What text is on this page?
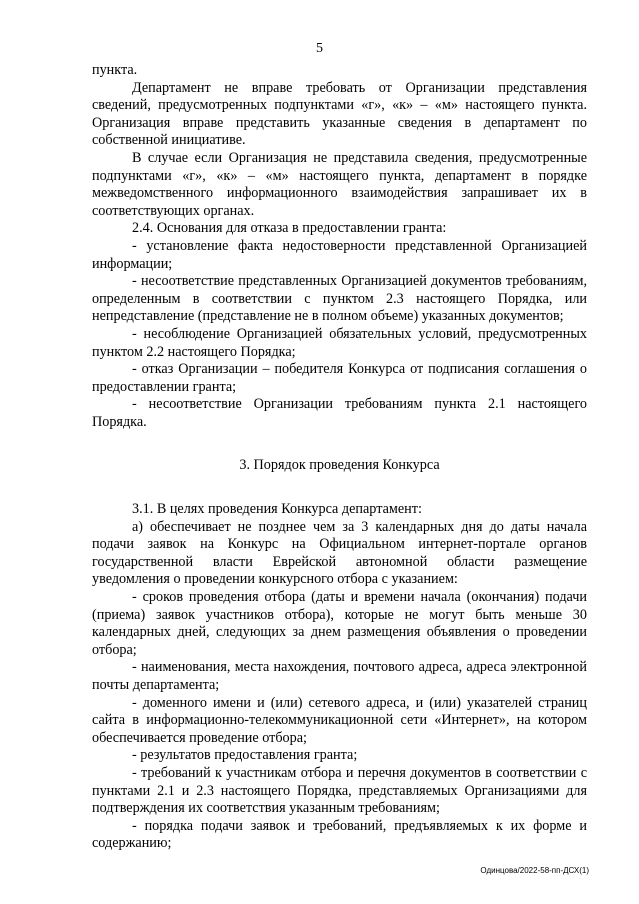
5

пункта.

Департамент не вправе требовать от Организации представления сведений, предусмотренных подпунктами «г», «к» – «м» настоящего пункта. Организация вправе представить указанные сведения в департамент по собственной инициативе.

В случае если Организация не представила сведения, предусмотренные подпунктами «г», «к» – «м» настоящего пункта, департамент в порядке межведомственного информационного взаимодействия запрашивает их в соответствующих органах.

2.4. Основания для отказа в предоставлении гранта:

- установление факта недостоверности представленной Организацией информации;

- несоответствие представленных Организацией документов требованиям, определенным в соответствии с пунктом 2.3 настоящего Порядка, или непредставление (представление не в полном объеме) указанных документов;

- несоблюдение Организацией обязательных условий, предусмотренных пунктом 2.2 настоящего Порядка;

- отказ Организации – победителя Конкурса от подписания соглашения о предоставлении гранта;

- несоответствие Организации требованиям пункта 2.1 настоящего Порядка.

3. Порядок проведения Конкурса

3.1. В целях проведения Конкурса департамент:

а) обеспечивает не позднее чем за 3 календарных дня до даты начала подачи заявок на Конкурс на Официальном интернет-портале органов государственной власти Еврейской автономной области размещение уведомления о проведении конкурсного отбора с указанием:

- сроков проведения отбора (даты и времени начала (окончания) подачи (приема) заявок участников отбора), которые не могут быть меньше 30 календарных дней, следующих за днем размещения объявления о проведении отбора;

- наименования, места нахождения, почтового адреса, адреса электронной почты департамента;

- доменного имени и (или) сетевого адреса, и (или) указателей страниц сайта в информационно-телекоммуникационной сети «Интернет», на котором обеспечивается проведение отбора;

- результатов предоставления гранта;

- требований к участникам отбора и перечня документов в соответствии с пунктами 2.1 и 2.3 настоящего Порядка, представляемых Организациями для подтверждения их соответствия указанным требованиям;

- порядка подачи заявок и требований, предъявляемых к их форме и содержанию;

Одинцова/2022-58-пп-ДСХ(1)
